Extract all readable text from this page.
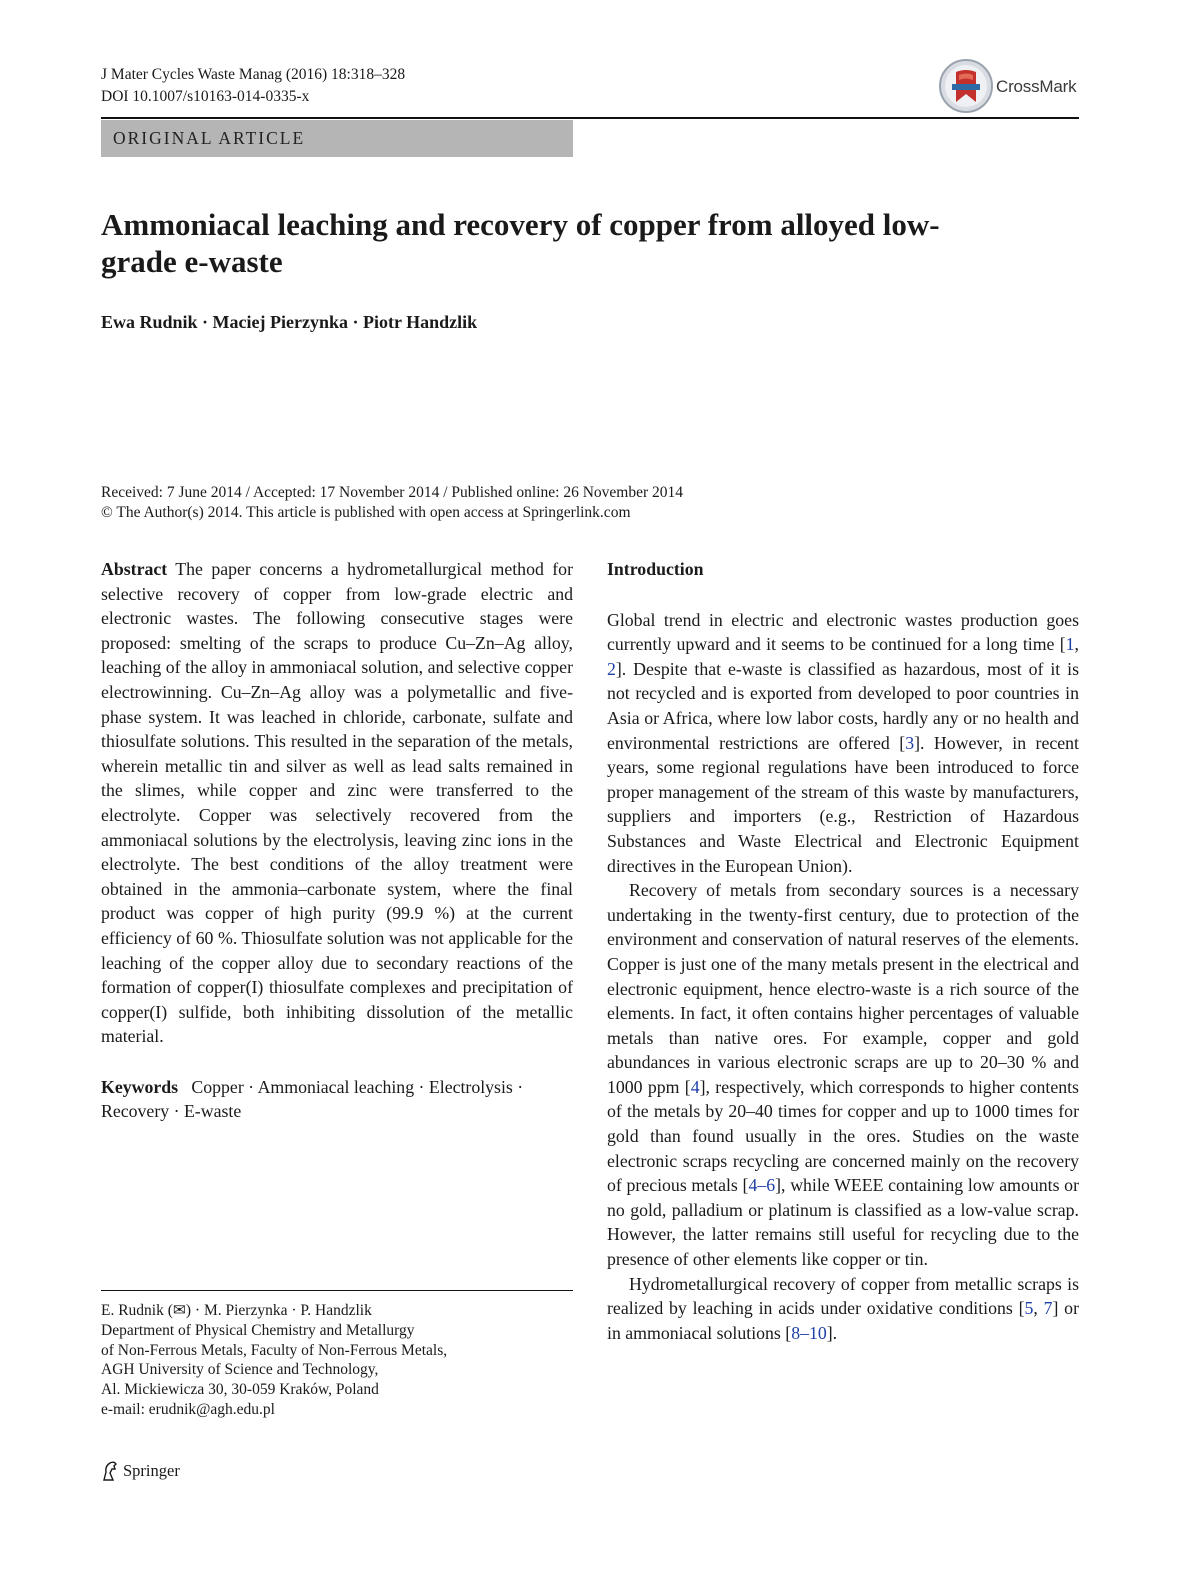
J Mater Cycles Waste Manag (2016) 18:318–328
DOI 10.1007/s10163-014-0335-x
CrossMark
ORIGINAL ARTICLE
Ammoniacal leaching and recovery of copper from alloyed low-grade e-waste
Ewa Rudnik · Maciej Pierzynka · Piotr Handzlik
Received: 7 June 2014 / Accepted: 17 November 2014 / Published online: 26 November 2014
© The Author(s) 2014. This article is published with open access at Springerlink.com

Abstract The paper concerns a hydrometallurgical method for selective recovery of copper from low-grade electric and electronic wastes. The following consecutive stages were proposed: smelting of the scraps to produce Cu–Zn–Ag alloy, leaching of the alloy in ammoniacal solution, and selective copper electrowinning. Cu–Zn–Ag alloy was a polymetallic and five-phase system. It was leached in chloride, carbonate, sulfate and thiosulfate solutions. This resulted in the separation of the metals, wherein metallic tin and silver as well as lead salts remained in the slimes, while copper and zinc were transferred to the electrolyte. Copper was selectively recovered from the ammoniacal solutions by the electrolysis, leaving zinc ions in the electrolyte. The best conditions of the alloy treatment were obtained in the ammonia–carbonate system, where the final product was copper of high purity (99.9 %) at the current efficiency of 60 %. Thiosulfate solution was not applicable for the leaching of the copper alloy due to secondary reactions of the formation of copper(I) thiosulfate complexes and precipitation of copper(I) sulfide, both inhibiting dissolution of the metallic material.

Keywords Copper · Ammoniacal leaching · Electrolysis · Recovery · E-waste

E. Rudnik (✉) · M. Pierzynka · P. Handzlik
Department of Physical Chemistry and Metallurgy
of Non-Ferrous Metals, Faculty of Non-Ferrous Metals,
AGH University of Science and Technology,
Al. Mickiewicza 30, 30-059 Kraków, Poland
e-mail: erudnik@agh.edu.pl
Introduction

Global trend in electric and electronic wastes production goes currently upward and it seems to be continued for a long time [1, 2]. Despite that e-waste is classified as hazardous, most of it is not recycled and is exported from developed to poor countries in Asia or Africa, where low labor costs, hardly any or no health and environmental restrictions are offered [3]. However, in recent years, some regional regulations have been introduced to force proper management of the stream of this waste by manufacturers, suppliers and importers (e.g., Restriction of Hazardous Substances and Waste Electrical and Electronic Equipment directives in the European Union).

Recovery of metals from secondary sources is a necessary undertaking in the twenty-first century, due to protection of the environment and conservation of natural reserves of the elements. Copper is just one of the many metals present in the electrical and electronic equipment, hence electro-waste is a rich source of the elements. In fact, it often contains higher percentages of valuable metals than native ores. For example, copper and gold abundances in various electronic scraps are up to 20–30 % and 1000 ppm [4], respectively, which corresponds to higher contents of the metals by 20–40 times for copper and up to 1000 times for gold than found usually in the ores. Studies on the waste electronic scraps recycling are concerned mainly on the recovery of precious metals [4–6], while WEEE containing low amounts or no gold, palladium or platinum is classified as a low-value scrap. However, the latter remains still useful for recycling due to the presence of other elements like copper or tin.

Hydrometallurgical recovery of copper from metallic scraps is realized by leaching in acids under oxidative conditions [5, 7] or in ammoniacal solutions [8–10].

Springer
